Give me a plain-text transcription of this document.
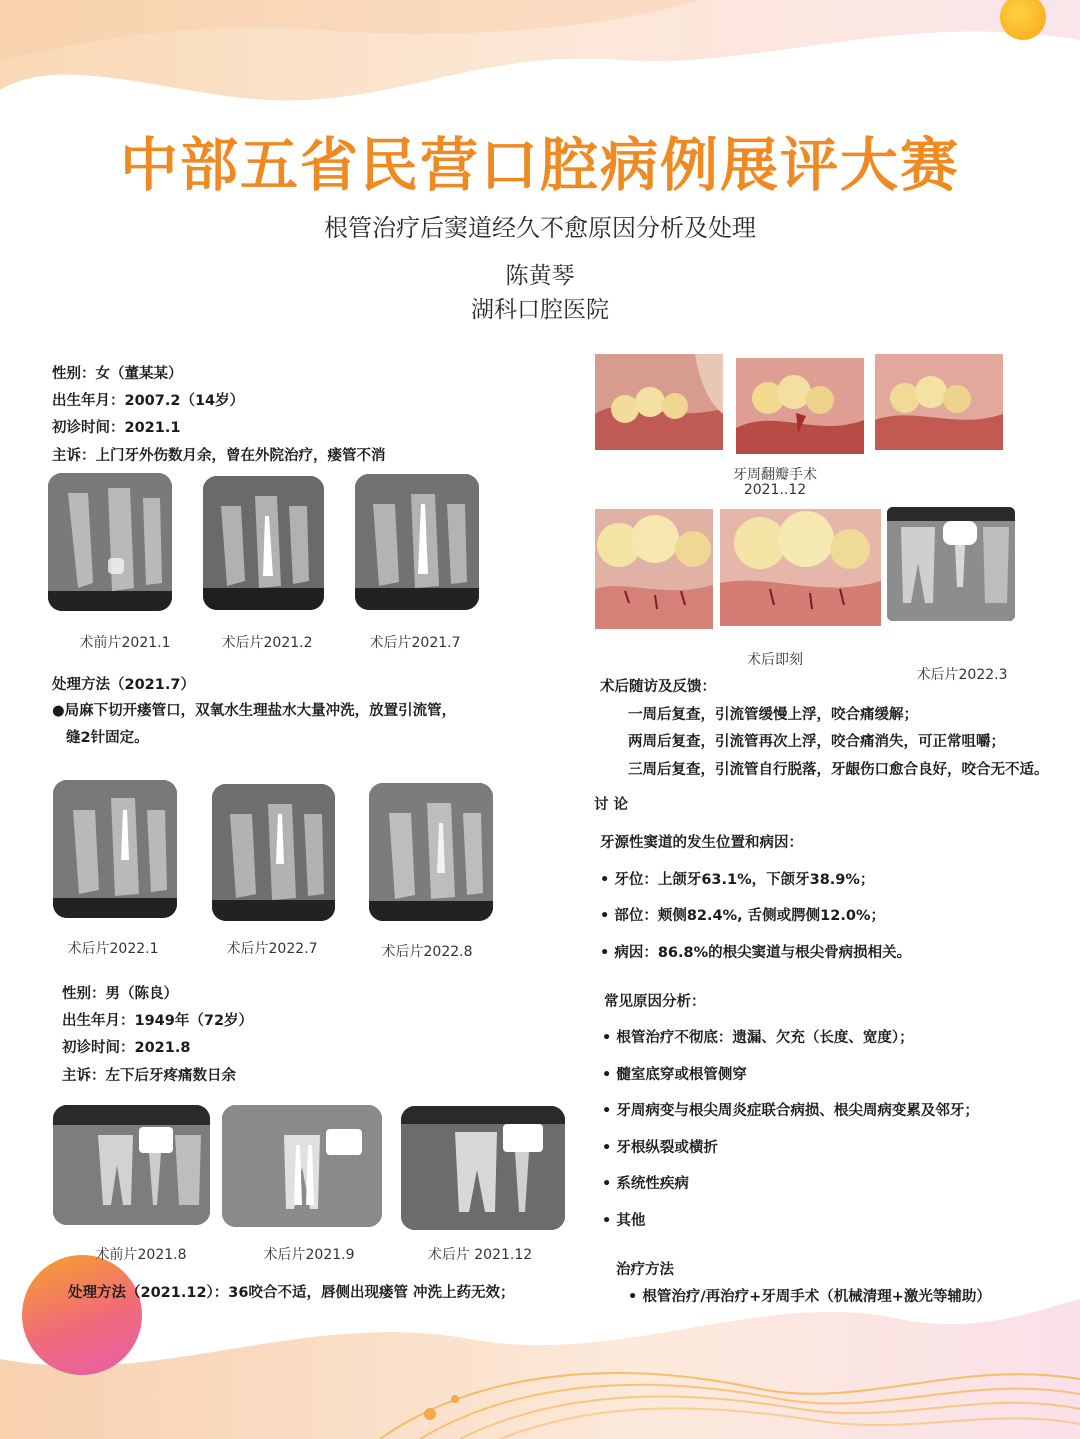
中部五省民营口腔病例展评大赛
根管治疗后窦道经久不愈原因分析及处理
陈黄琴
湖科口腔医院
性别：女（董某某）
出生年月：2007.2（14岁）
初诊时间：2021.1
主诉：上门牙外伤数月余，曾在外院治疗，瘘管不消
术前片2021.1	术后片2021.2	术后片2021.7
处理方法（2021.7）
●局麻下切开瘘管口，双氧水生理盐水大量冲洗，放置引流管，
缝2针固定。
术后片2022.1	术后片2022.7	术后片2022.8
性别：男（陈良）
出生年月：1949年（72岁）
初诊时间：2021.8
主诉：左下后牙疼痛数日余
术前片2021.8	术后片2021.9	术后片 2021.12
处理方法（2021.12）：36咬合不适，唇侧出现瘘管 冲洗上药无效；
牙周翻瓣手术
2021..12
术后即刻
术后片2022.3
术后随访及反馈：
一周后复查，引流管缓慢上浮，咬合痛缓解；
两周后复查，引流管再次上浮，咬合痛消失，可正常咀嚼；
三周后复查，引流管自行脱落，牙龈伤口愈合良好，咬合无不适。
讨 论
牙源性窦道的发生位置和病因：
• 牙位：上颌牙63.1%，下颌牙38.9%；
• 部位：颊侧82.4%, 舌侧或腭侧12.0%；
• 病因：86.8%的根尖窦道与根尖骨病损相关。
常见原因分析：
• 根管治疗不彻底：遗漏、欠充（长度、宽度）；
• 髓室底穿或根管侧穿
• 牙周病变与根尖周炎症联合病损、根尖周病变累及邻牙；
• 牙根纵裂或横折
• 系统性疾病
• 其他
治疗方法
• 根管治疗/再治疗+牙周手术（机械清理+激光等辅助）
